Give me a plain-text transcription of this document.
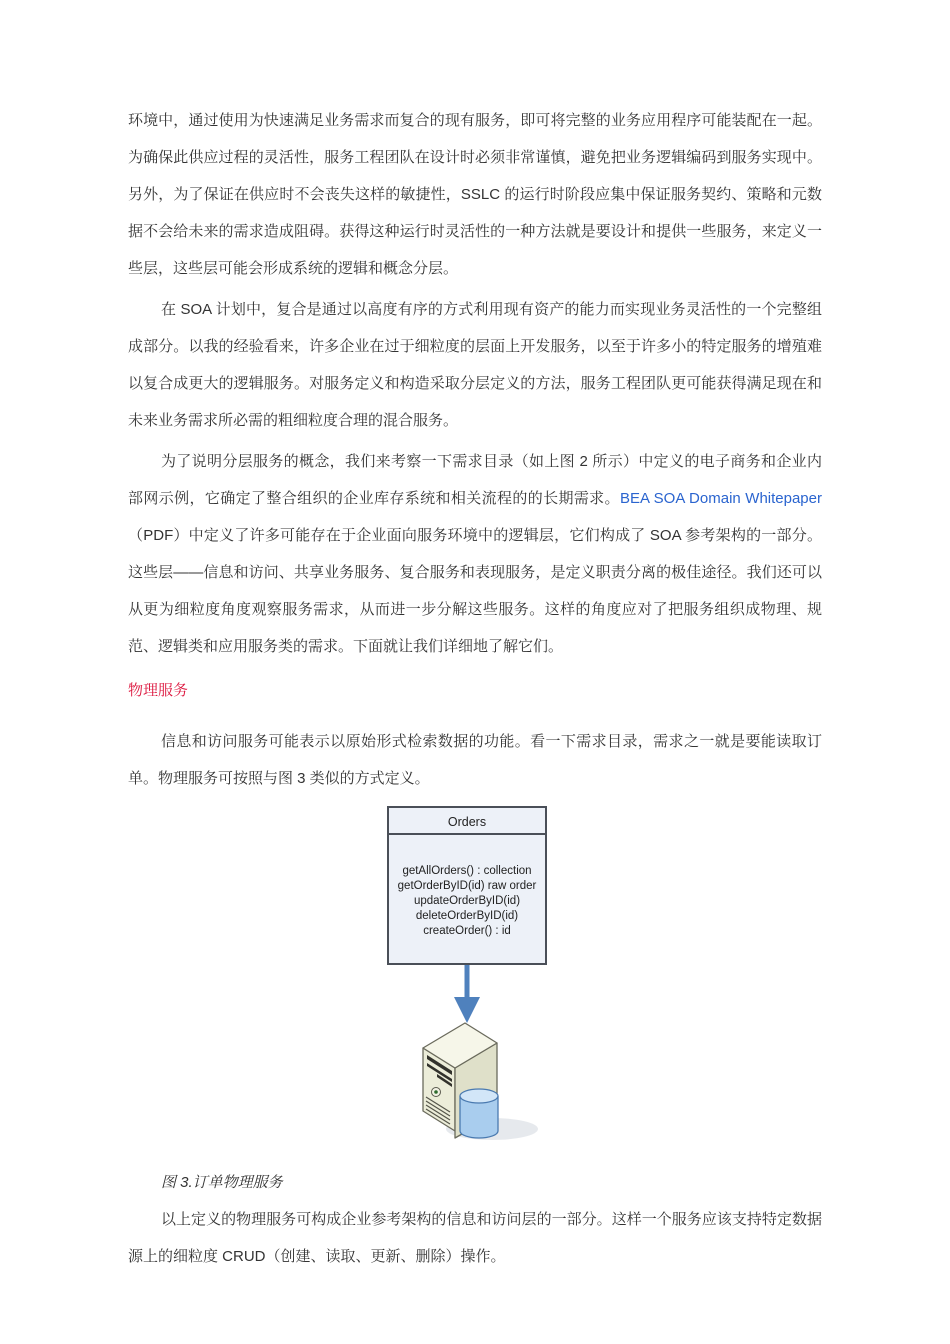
环境中，通过使用为快速满足业务需求而复合的现有服务，即可将完整的业务应用程序可能装配在一起。为确保此供应过程的灵活性，服务工程团队在设计时必须非常谨慎，避免把业务逻辑编码到服务实现中。另外，为了保证在供应时不会丧失这样的敏捷性，SSLC 的运行时阶段应集中保证服务契约、策略和元数据不会给未来的需求造成阻碍。获得这种运行时灵活性的一种方法就是要设计和提供一些服务，来定义一些层，这些层可能会形成系统的逻辑和概念分层。

在 SOA 计划中，复合是通过以高度有序的方式利用现有资产的能力而实现业务灵活性的一个完整组成部分。以我的经验看来，许多企业在过于细粒度的层面上开发服务，以至于许多小的特定服务的增殖难以复合成更大的逻辑服务。对服务定义和构造采取分层定义的方法，服务工程团队更可能获得满足现在和未来业务需求所必需的粗细粒度合理的混合服务。

为了说明分层服务的概念，我们来考察一下需求目录（如上图 2 所示）中定义的电子商务和企业内部网示例，它确定了整合组织的企业库存系统和相关流程的的长期需求。BEA SOA Domain Whitepaper（PDF）中定义了许多可能存在于企业面向服务环境中的逻辑层，它们构成了 SOA 参考架构的一部分。这些层——信息和访问、共享业务服务、复合服务和表现服务，是定义职责分离的极佳途径。我们还可以从更为细粒度角度观察服务需求，从而进一步分解这些服务。这样的角度应对了把服务组织成物理、规范、逻辑类和应用服务类的需求。下面就让我们详细地了解它们。

物理服务

信息和访问服务可能表示以原始形式检索数据的功能。看一下需求目录，需求之一就是要能读取订单。物理服务可按照与图 3 类似的方式定义。

Orders
getAllOrders() : collection
getOrderByID(id) raw order
updateOrderByID(id)
deleteOrderByID(id)
createOrder() : id

图 3.订单物理服务

以上定义的物理服务可构成企业参考架构的信息和访问层的一部分。这样一个服务应该支持特定数据源上的细粒度 CRUD（创建、读取、更新、删除）操作。
